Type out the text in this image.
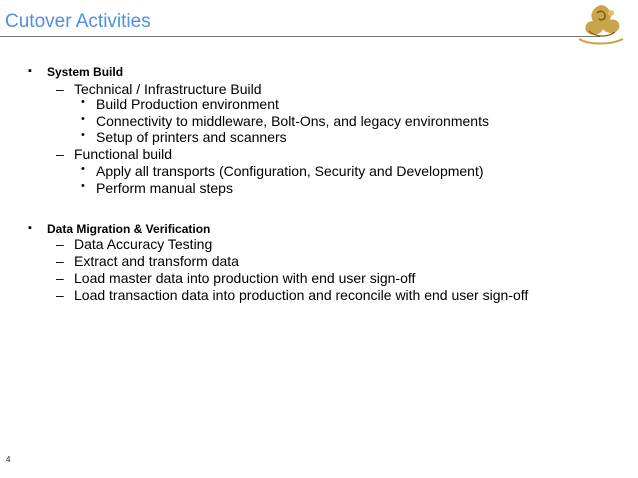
Cutover Activities
▪ System Build
– Technical / Infrastructure Build
• Build Production environment
• Connectivity to middleware, Bolt-Ons, and legacy environments
• Setup of printers and scanners
– Functional build
• Apply all transports (Configuration, Security and Development)
• Perform manual steps
▪ Data Migration & Verification
– Data Accuracy Testing
– Extract and transform data
– Load master data into production with end user sign-off
– Load transaction data into production and reconcile with end user sign-off
4
